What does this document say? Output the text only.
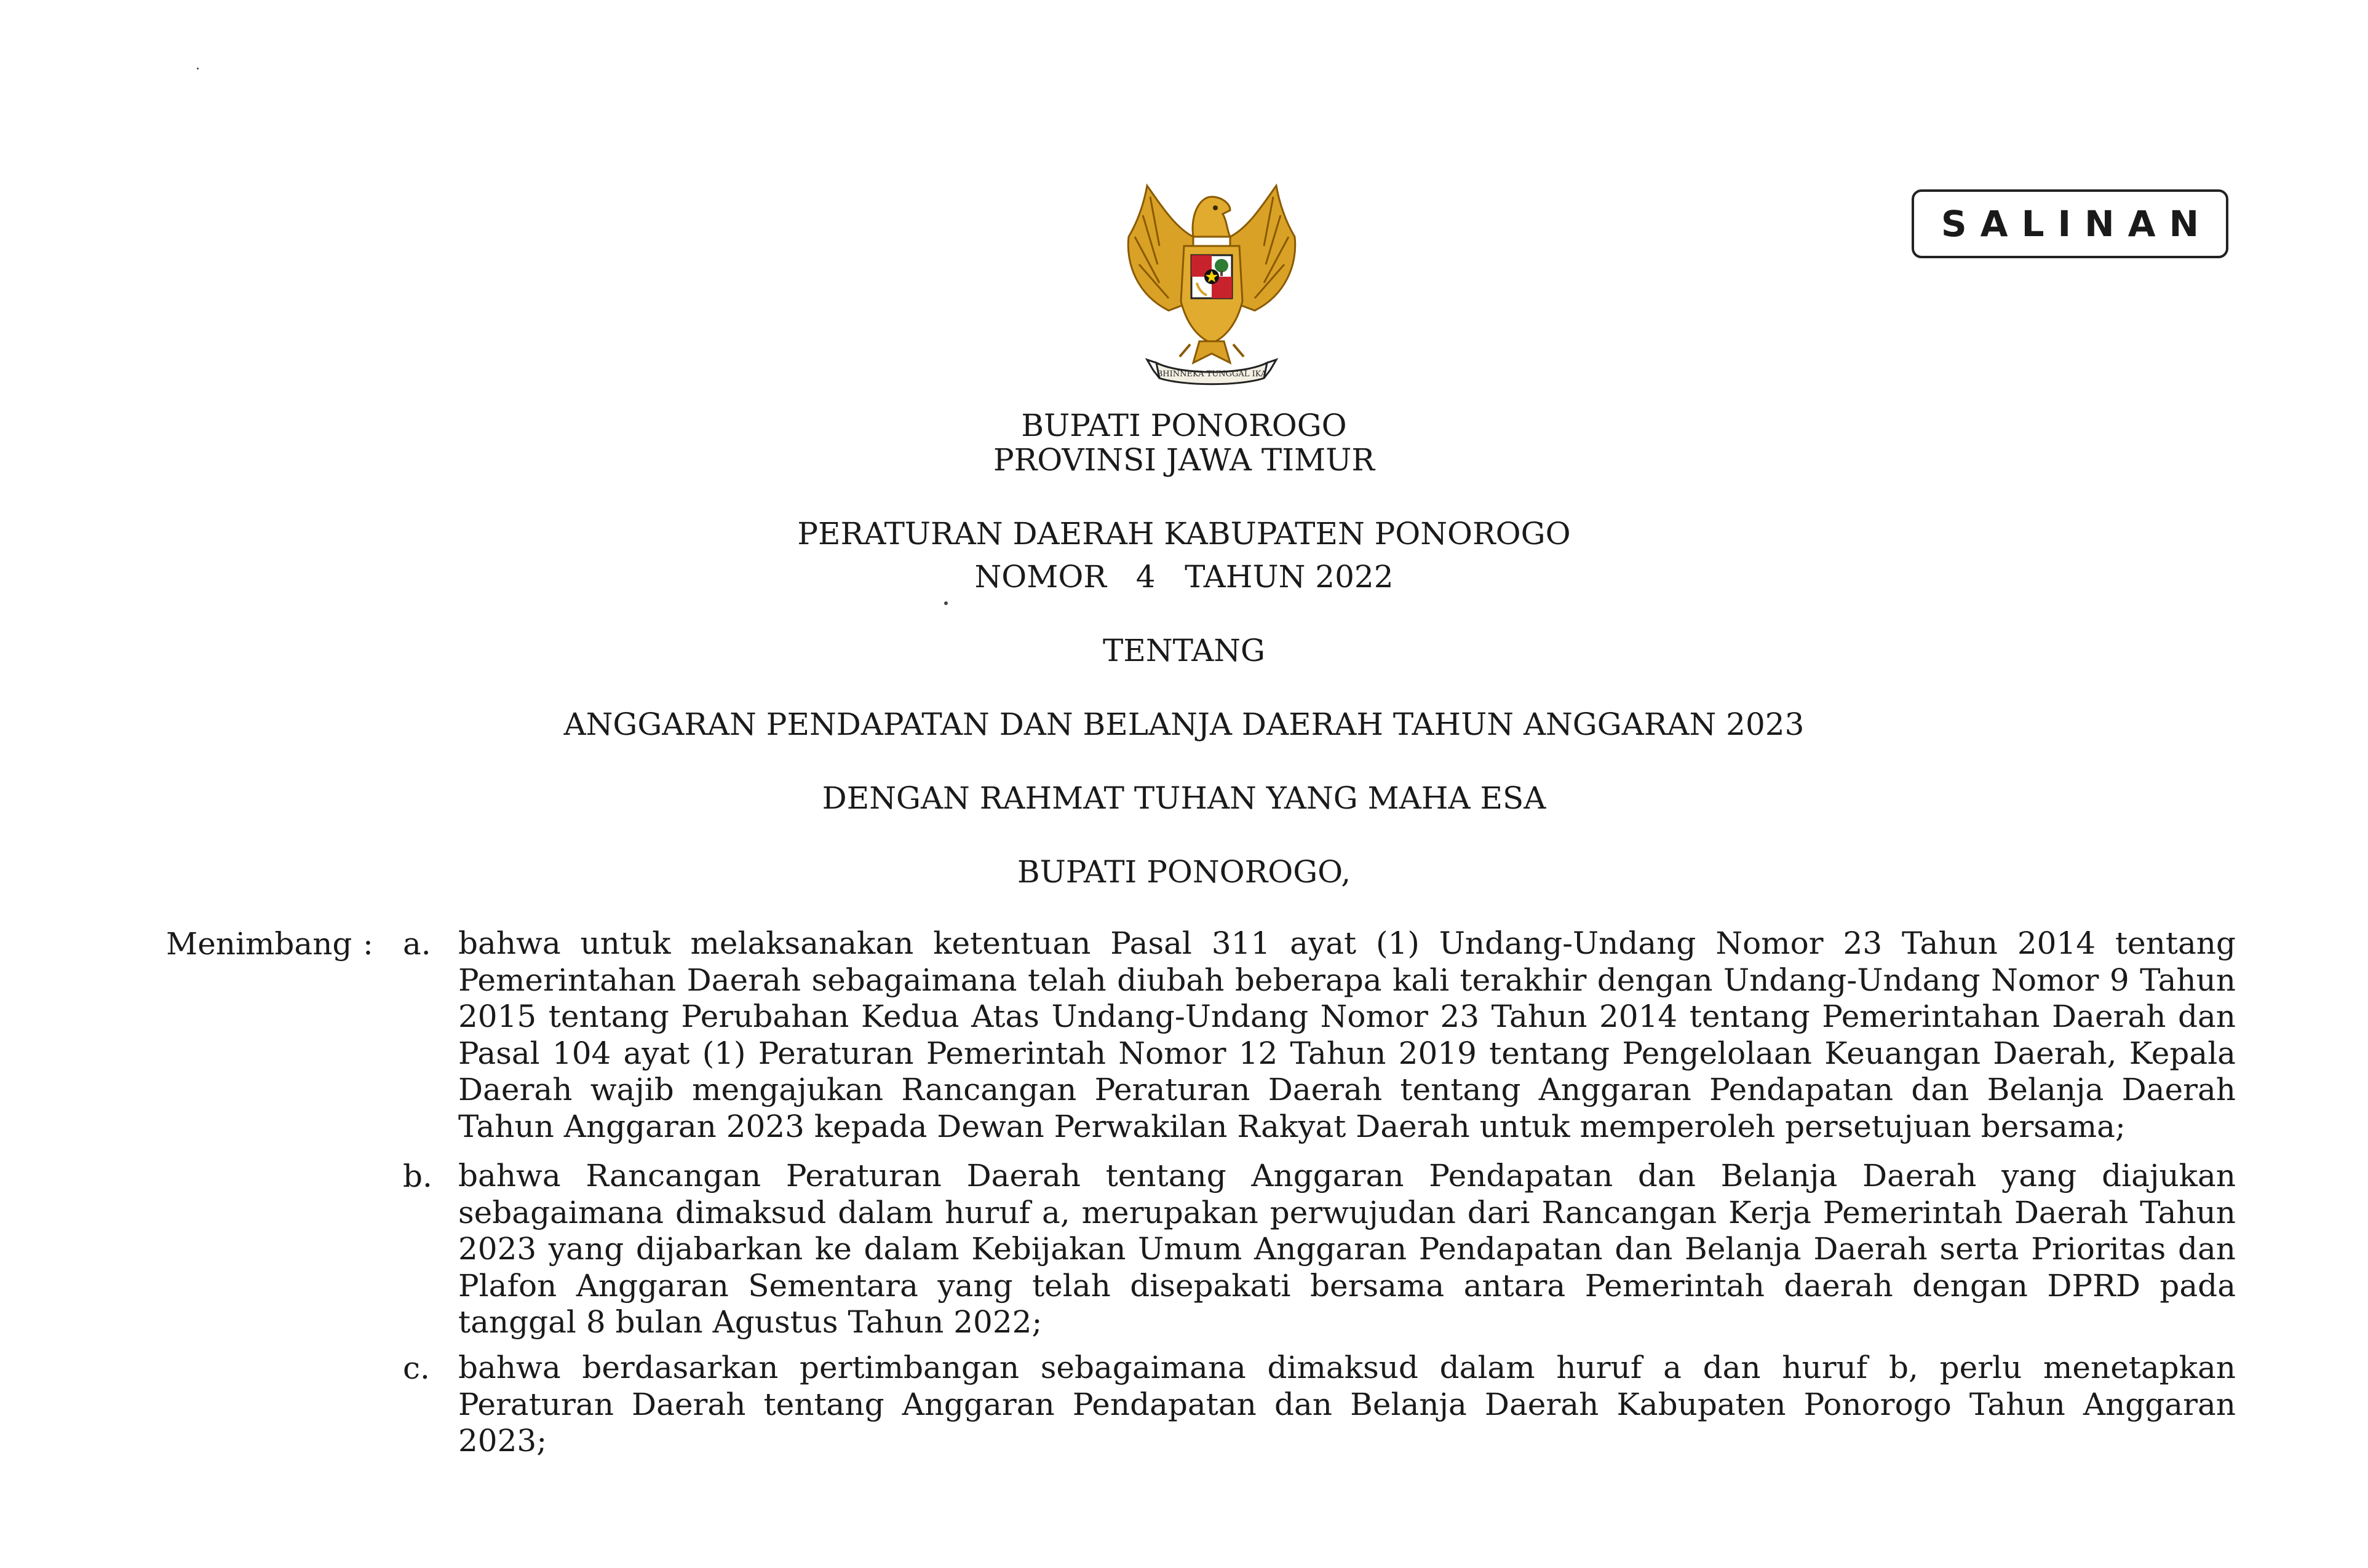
SALINAN
BHINNEKA TUNGGAL IKA
BUPATI PONOROGO
PROVINSI JAWA TIMUR
PERATURAN DAERAH KABUPATEN PONOROGO
NOMOR   4   TAHUN 2022
TENTANG
ANGGARAN PENDAPATAN DAN BELANJA DAERAH TAHUN ANGGARAN 2023
DENGAN RAHMAT TUHAN YANG MAHA ESA
BUPATI PONOROGO,
Menimbang : a. bahwa untuk melaksanakan ketentuan Pasal 311 ayat (1) Undang-Undang Nomor 23 Tahun 2014 tentang Pemerintahan Daerah sebagaimana telah diubah beberapa kali terakhir dengan Undang-Undang Nomor 9 Tahun 2015 tentang Perubahan Kedua Atas Undang-Undang Nomor 23 Tahun 2014 tentang Pemerintahan Daerah dan Pasal 104 ayat (1) Peraturan Pemerintah Nomor 12 Tahun 2019 tentang Pengelolaan Keuangan Daerah, Kepala Daerah wajib mengajukan Rancangan Peraturan Daerah tentang Anggaran Pendapatan dan Belanja Daerah Tahun Anggaran 2023 kepada Dewan Perwakilan Rakyat Daerah untuk memperoleh persetujuan bersama;

b. bahwa Rancangan Peraturan Daerah tentang Anggaran Pendapatan dan Belanja Daerah yang diajukan sebagaimana dimaksud dalam huruf a, merupakan perwujudan dari Rancangan Kerja Pemerintah Daerah Tahun 2023 yang dijabarkan ke dalam Kebijakan Umum Anggaran Pendapatan dan Belanja Daerah serta Prioritas dan Plafon Anggaran Sementara yang telah disepakati bersama antara Pemerintah daerah dengan DPRD pada tanggal 8 bulan Agustus Tahun 2022;

c. bahwa berdasarkan pertimbangan sebagaimana dimaksud dalam huruf a dan huruf b, perlu menetapkan Peraturan Daerah tentang Anggaran Pendapatan dan Belanja Daerah Kabupaten Ponorogo Tahun Anggaran 2023;
